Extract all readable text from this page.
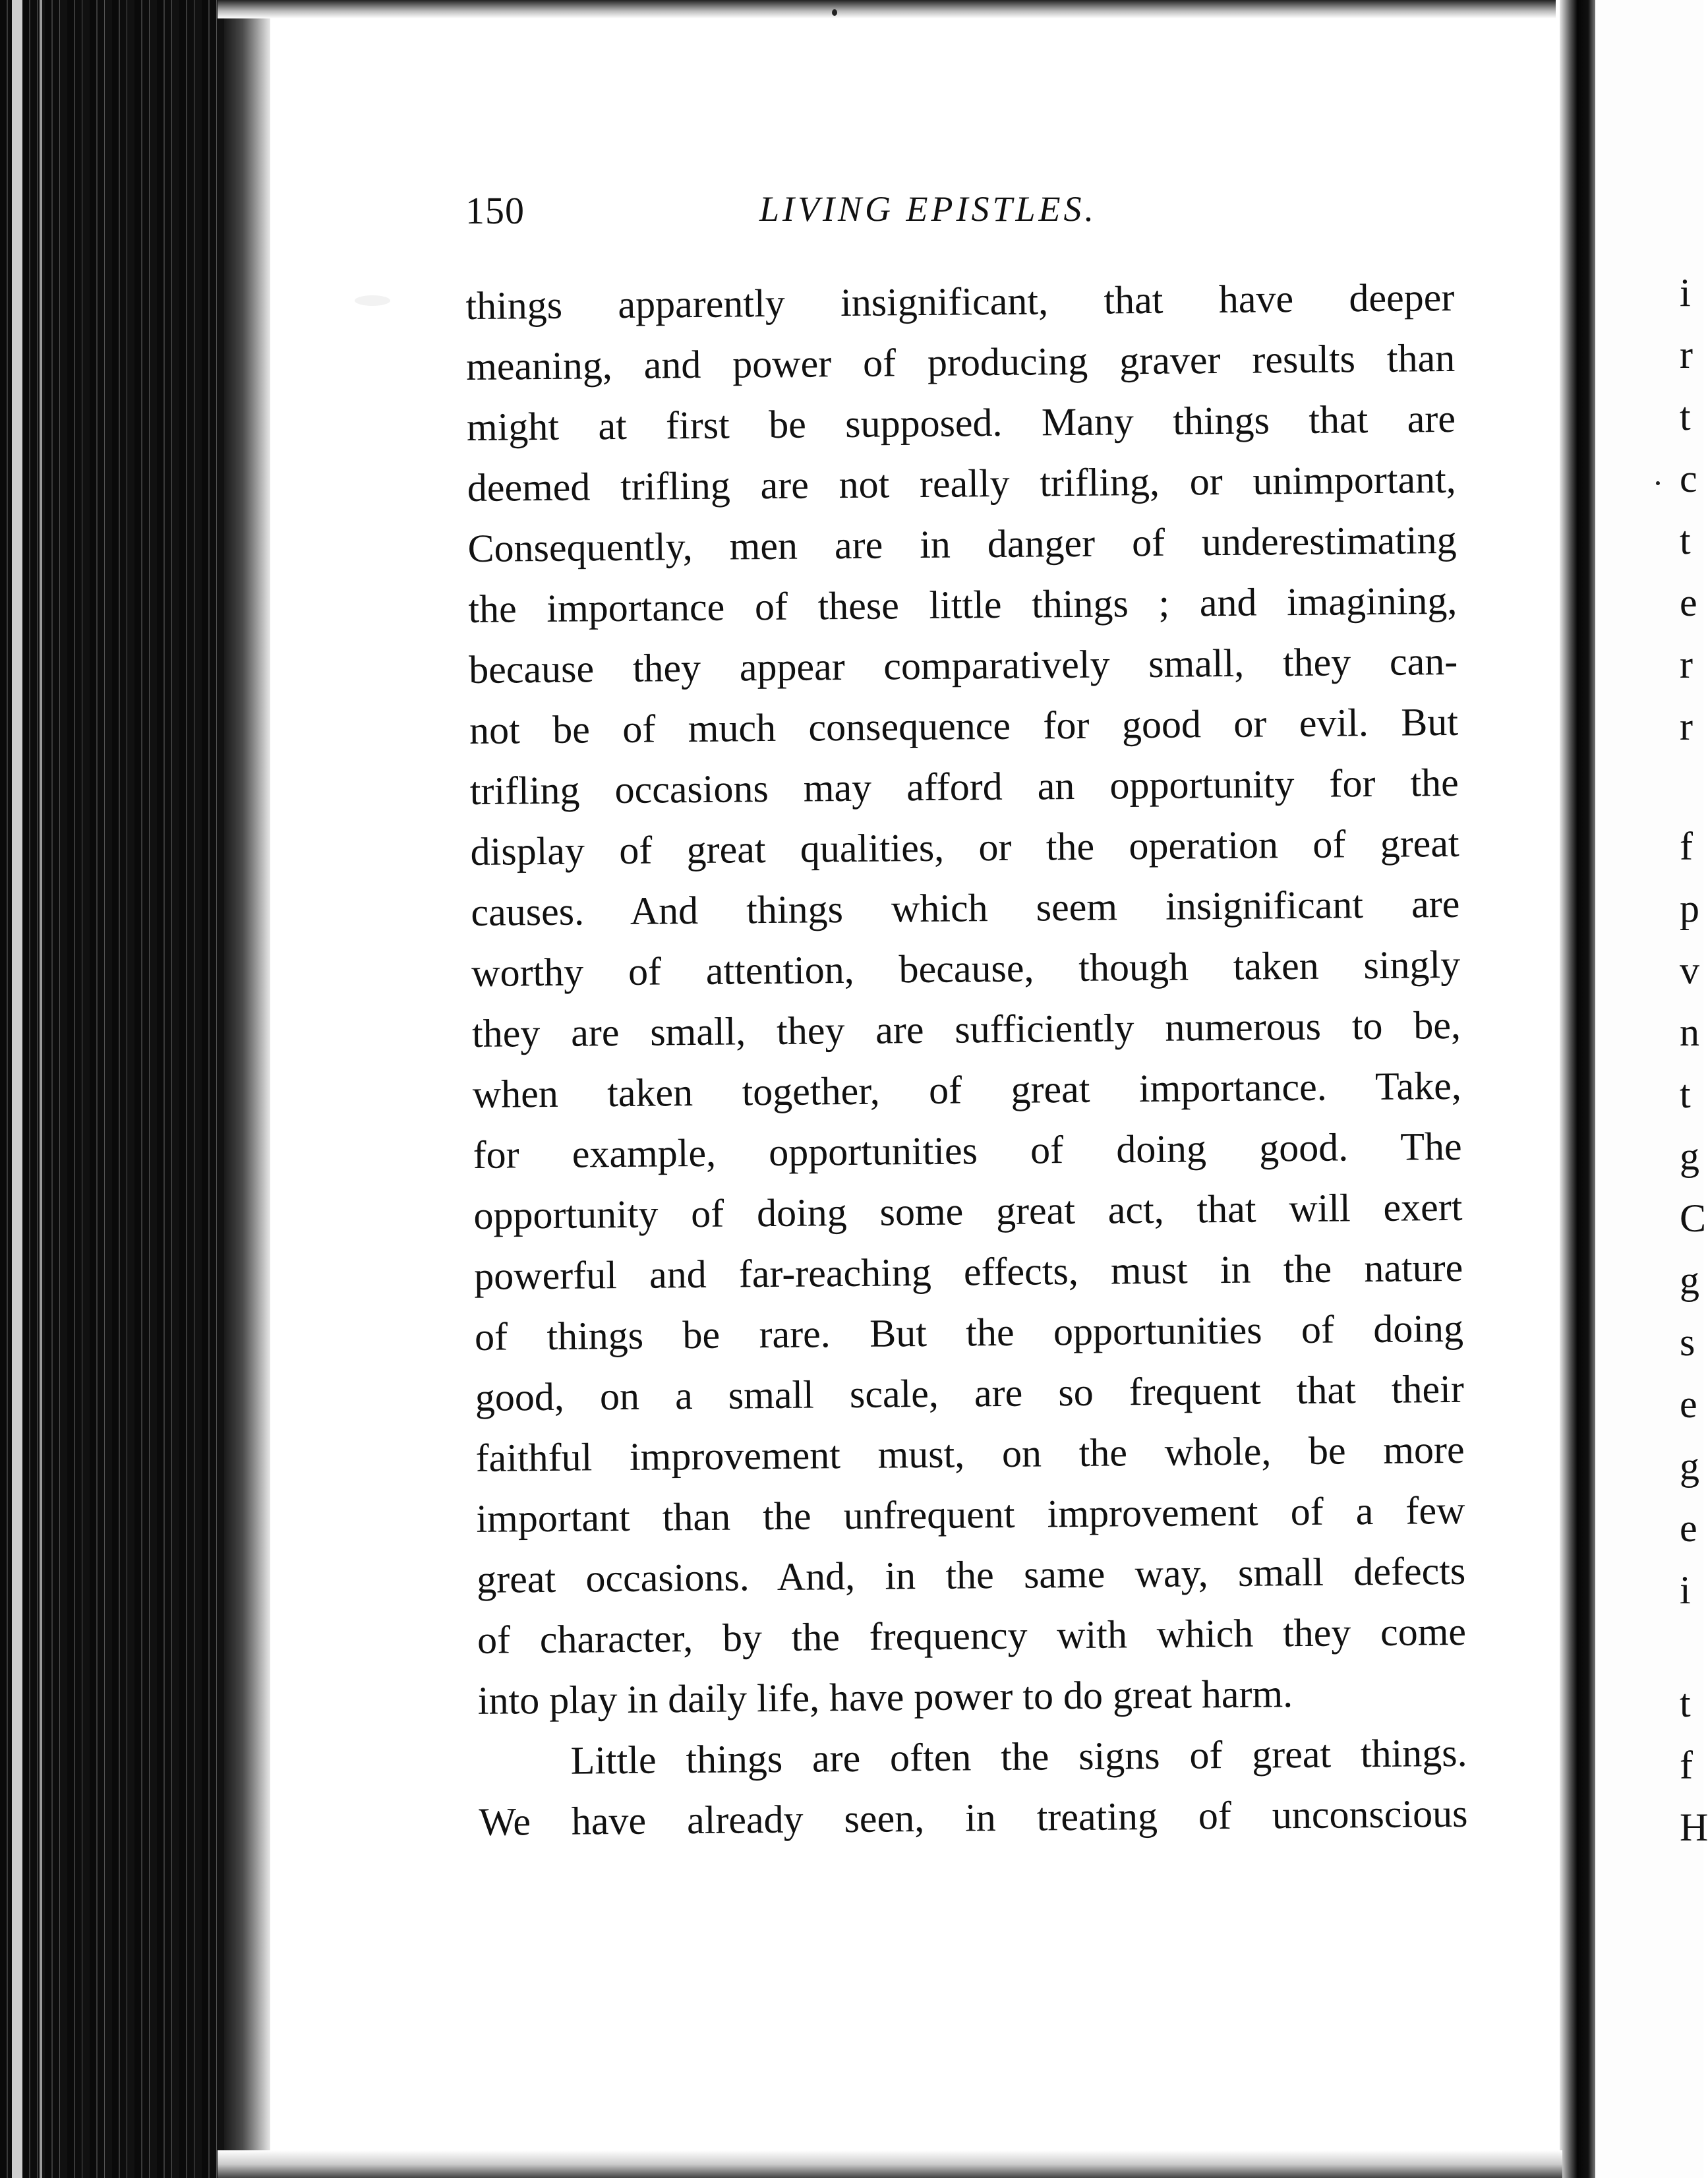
150	LIVING EPISTLES.
things apparently insignificant, that have deeper
meaning, and power of producing graver results than
might at first be supposed. Many things that are
deemed trifling are not really trifling, or unimportant,
Consequently, men are in danger of underestimating
the importance of these little things ; and imagining,
because they appear comparatively small, they can-
not be of much consequence for good or evil. But
trifling occasions may afford an opportunity for the
display of great qualities, or the operation of great
causes. And things which seem insignificant are
worthy of attention, because, though taken singly
they are small, they are sufficiently numerous to be,
when taken together, of great importance. Take,
for example, opportunities of doing good. The
opportunity of doing some great act, that will exert
powerful and far-reaching effects, must in the nature
of things be rare. But the opportunities of doing
good, on a small scale, are so frequent that their
faithful improvement must, on the whole, be more
important than the unfrequent improvement of a few
great occasions. And, in the same way, small defects
of character, by the frequency with which they come
into play in daily life, have power to do great harm.
Little things are often the signs of great things.
We have already seen, in treating of unconscious
i
r
t
c
t
e
r
r
f
p
v
n
t
g
C
g
s
e
g
e
i
t
f
H
